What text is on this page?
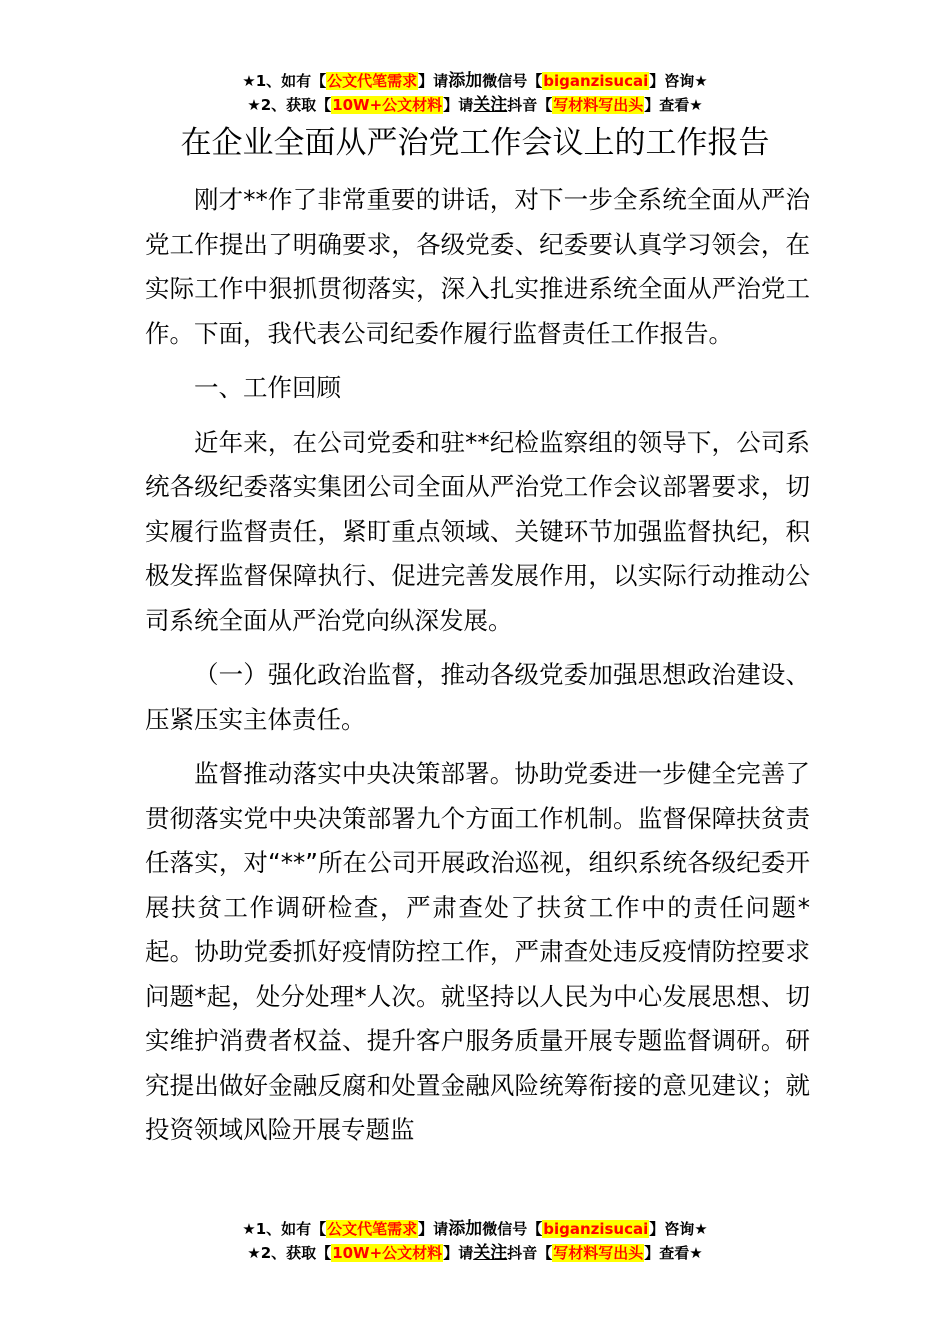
★1、如有【公文代笔需求】请添加微信号【biganzisucai】咨询★
★2、获取【10W+公文材料】请关注抖音【写材料写出头】查看★
在企业全面从严治党工作会议上的工作报告

刚才**作了非常重要的讲话，对下一步全系统全面从严治党工作提出了明确要求，各级党委、纪委要认真学习领会，在实际工作中狠抓贯彻落实，深入扎实推进系统全面从严治党工作。下面，我代表公司纪委作履行监督责任工作报告。

一、工作回顾

近年来，在公司党委和驻**纪检监察组的领导下，公司系统各级纪委落实集团公司全面从严治党工作会议部署要求，切实履行监督责任，紧盯重点领域、关键环节加强监督执纪，积极发挥监督保障执行、促进完善发展作用，以实际行动推动公司系统全面从严治党向纵深发展。

（一）强化政治监督，推动各级党委加强思想政治建设、压紧压实主体责任。

监督推动落实中央决策部署。协助党委进一步健全完善了贯彻落实党中央决策部署九个方面工作机制。监督保障扶贫责任落实，对“**”所在公司开展政治巡视，组织系统各级纪委开展扶贫工作调研检查，严肃查处了扶贫工作中的责任问题*起。协助党委抓好疫情防控工作，严肃查处违反疫情防控要求问题*起，处分处理*人次。就坚持以人民为中心发展思想、切实维护消费者权益、提升客户服务质量开展专题监督调研。研究提出做好金融反腐和处置金融风险统筹衔接的意见建议；就投资领域风险开展专题监

★1、如有【公文代笔需求】请添加微信号【biganzisucai】咨询★
★2、获取【10W+公文材料】请关注抖音【写材料写出头】查看★
